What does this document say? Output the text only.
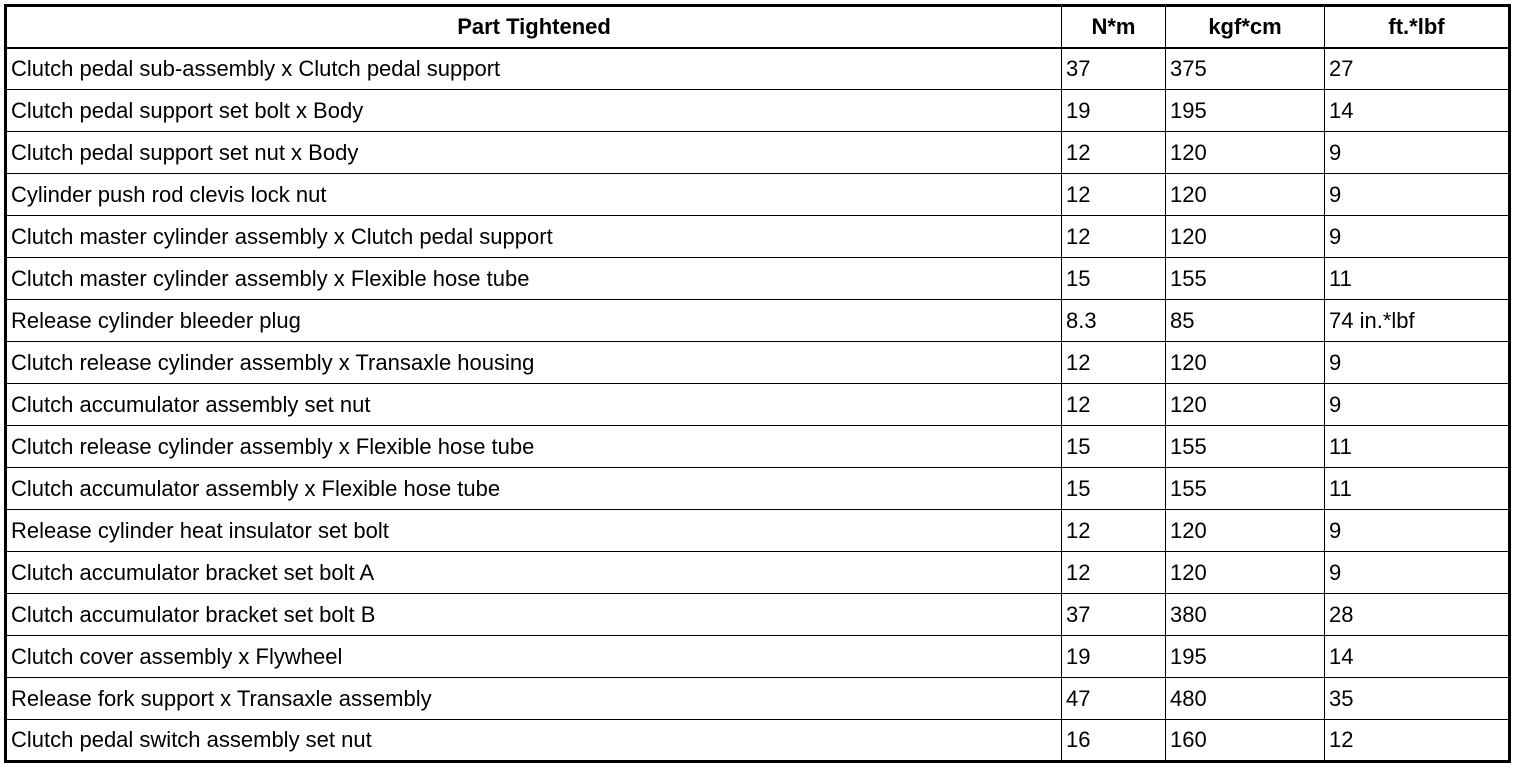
Part Tightened	N*m	kgf*cm	ft.*lbf
Clutch pedal sub-assembly x Clutch pedal support	37	375	27
Clutch pedal support set bolt x Body	19	195	14
Clutch pedal support set nut x Body	12	120	9
Cylinder push rod clevis lock nut	12	120	9
Clutch master cylinder assembly x Clutch pedal support	12	120	9
Clutch master cylinder assembly x Flexible hose tube	15	155	11
Release cylinder bleeder plug	8.3	85	74 in.*lbf
Clutch release cylinder assembly x Transaxle housing	12	120	9
Clutch accumulator assembly set nut	12	120	9
Clutch release cylinder assembly x Flexible hose tube	15	155	11
Clutch accumulator assembly x Flexible hose tube	15	155	11
Release cylinder heat insulator set bolt	12	120	9
Clutch accumulator bracket set bolt A	12	120	9
Clutch accumulator bracket set bolt B	37	380	28
Clutch cover assembly x Flywheel	19	195	14
Release fork support x Transaxle assembly	47	480	35
Clutch pedal switch assembly set nut	16	160	12
